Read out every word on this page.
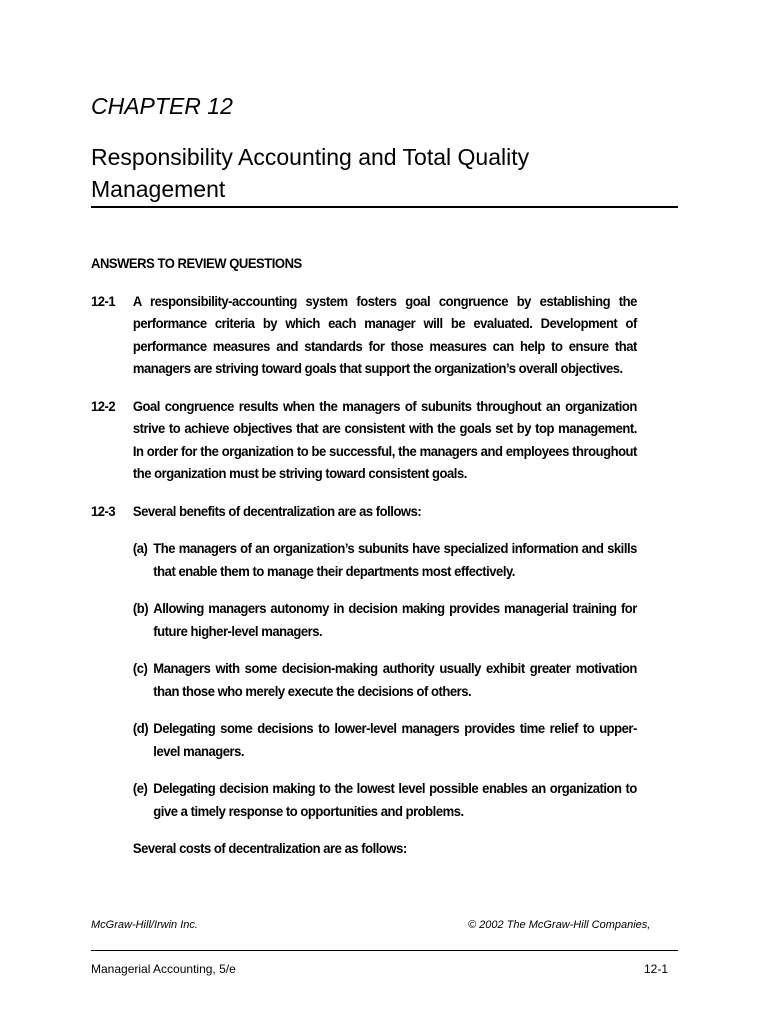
CHAPTER 12
Responsibility Accounting and Total Quality Management
ANSWERS TO REVIEW QUESTIONS
12-1	A responsibility-accounting system fosters goal congruence by establishing the performance criteria by which each manager will be evaluated. Development of performance measures and standards for those measures can help to ensure that managers are striving toward goals that support the organization’s overall objectives.
12-2	Goal congruence results when the managers of subunits throughout an organization strive to achieve objectives that are consistent with the goals set by top management. In order for the organization to be successful, the managers and employees throughout the organization must be striving toward consistent goals.
12-3	Several benefits of decentralization are as follows:

(a) The managers of an organization’s subunits have specialized information and skills that enable them to manage their departments most effectively.
(b) Allowing managers autonomy in decision making provides managerial training for future higher-level managers.
(c) Managers with some decision-making authority usually exhibit greater motivation than those who merely execute the decisions of others.
(d) Delegating some decisions to lower-level managers provides time relief to upper-level managers.
(e) Delegating decision making to the lowest level possible enables an organization to give a timely response to opportunities and problems.

Several costs of decentralization are as follows:

McGraw-Hill/Irwin Inc.	© 2002 The McGraw-Hill Companies,
Managerial Accounting, 5/e	12-1
